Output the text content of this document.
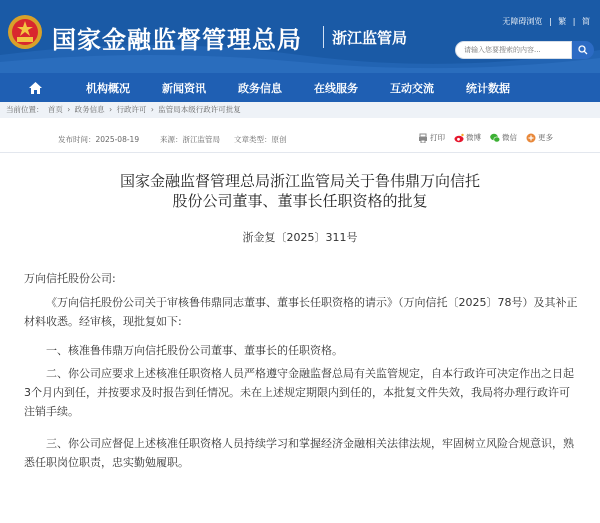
国家金融监督管理总局 浙江监管局
无障碍浏览 | 繁 | 简
请输入您要搜索的内容...
机构概况	新闻资讯	政务信息	在线服务	互动交流	统计数据
当前位置： 首页 › 政务信息 › 行政许可 › 监管局本级行政许可批复
发布时间：2025-08-19	来源：浙江监管局 文章类型：原创	打印	微博	微信	更多
国家金融监督管理总局浙江监管局关于鲁伟鼎万向信托
股份公司董事、董事长任职资格的批复
浙金复〔2025〕311号
万向信托股份公司:
《万向信托股份公司关于审核鲁伟鼎同志董事、董事长任职资格的请示》（万向信托〔2025〕78号）及其补正材料收悉。经审核，现批复如下:
一、核准鲁伟鼎万向信托股份公司董事、董事长的任职资格。
二、你公司应要求上述核准任职资格人员严格遵守金融监督总局有关监管规定，自本行政许可决定作出之日起3个月内到任，并按要求及时报告到任情况。未在上述规定期限内到任的，本批复文件失效，我局将办理行政许可注销手续。
三、你公司应督促上述核准任职资格人员持续学习和掌握经济金融相关法律法规，牢固树立风险合规意识，熟悉任职岗位职责，忠实勤勉履职。
